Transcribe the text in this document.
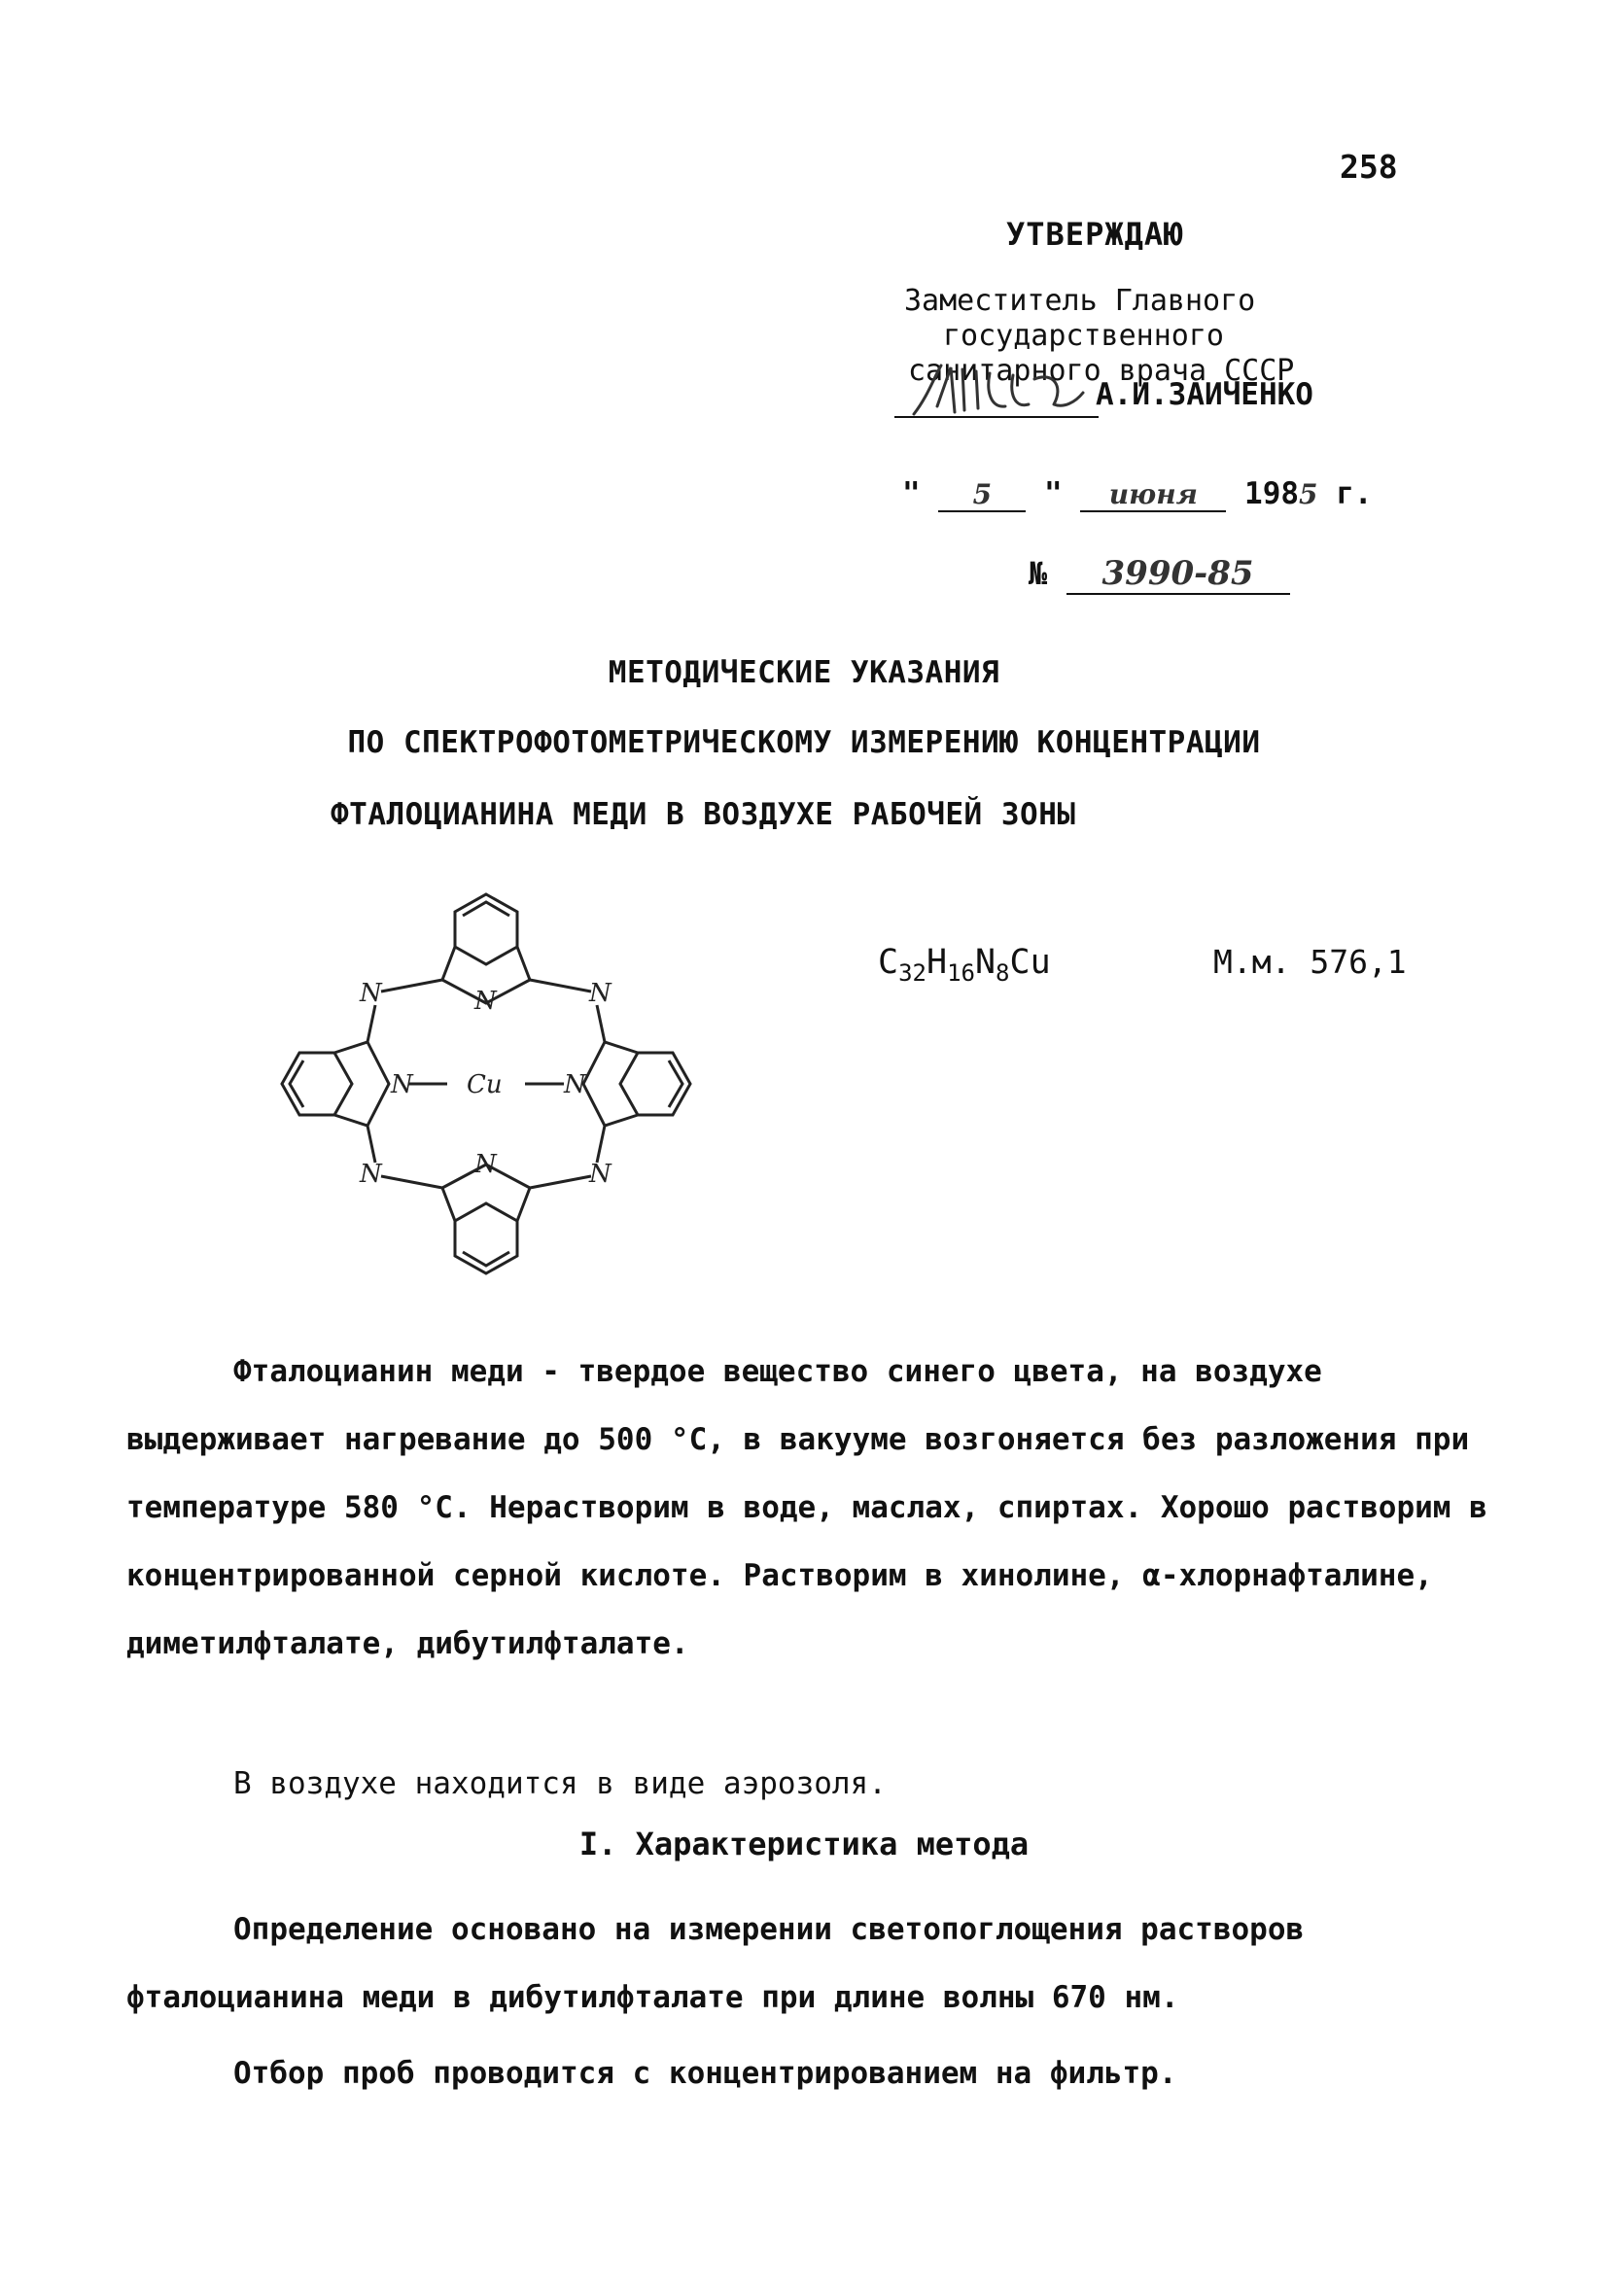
258
УТВЕРЖДАЮ
Заместитель Главного
государственного
санитарного врача СССР
А.И.ЗАИЧЕНКО
" 5 " июня 1985 г.
№ 3990-85
МЕТОДИЧЕСКИЕ УКАЗАНИЯ
ПО СПЕКТРОФОТОМЕТРИЧЕСКОМУ ИЗМЕРЕНИЮ КОНЦЕНТРАЦИИ
ФТАЛОЦИАНИНА МЕДИ В ВОЗДУХЕ РАБОЧЕЙ ЗОНЫ
N
N	N
N	N
N	N
N
Cu
$C_{32}H_{16}N_8Cu$	М.м. 576,1

Фталоцианин меди - твердое вещество синего цвета, на воздухе выдерживает нагревание до 500 °С, в вакууме возгоняется без разложения при температуре 580 °С. Нерастворим в воде, маслах, спиртах. Хорошо растворим в концентрированной серной кислоте. Растворим в хинолине, α-хлорнафталине, диметилфталате, дибутилфталате.

В воздухе находится в виде аэрозоля.

I. Характеристика метода

Определение основано на измерении светопоглощения растворов фталоцианина меди в дибутилфталате при длине волны 670 нм.

Отбор проб проводится с концентрированием на фильтр.
